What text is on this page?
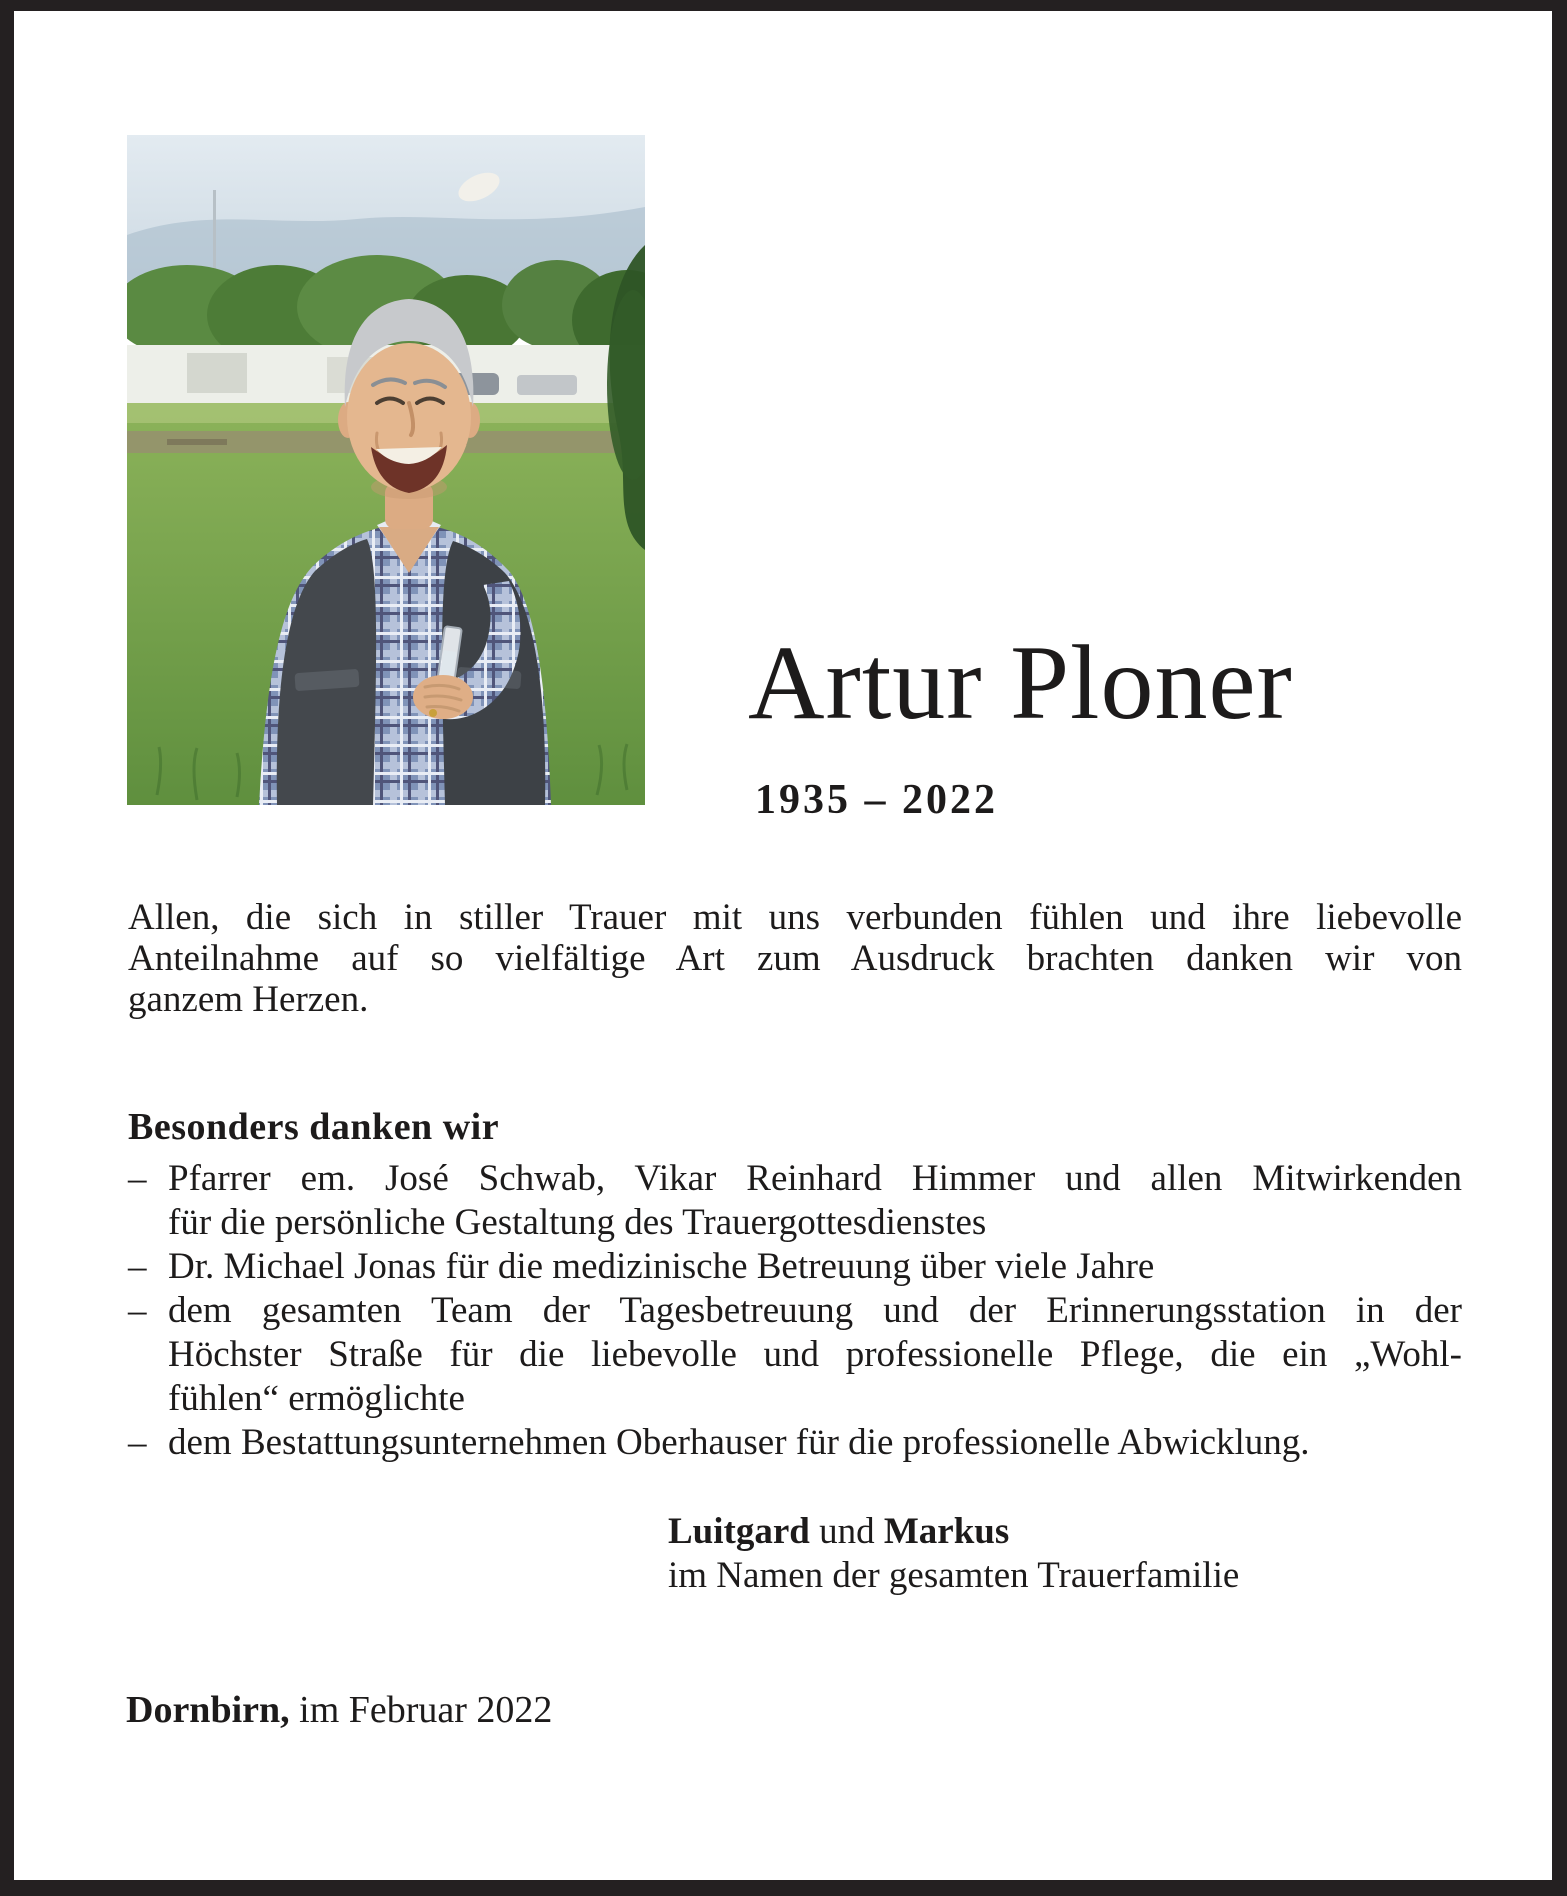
Artur Ploner
1935 – 2022
Allen, die sich in stiller Trauer mit uns verbunden fühlen und ihre liebevolle
Anteilnahme auf so vielfältige Art zum Ausdruck brachten danken wir von
ganzem Herzen.
Besonders danken wir
– Pfarrer em. José Schwab, Vikar Reinhard Himmer und allen Mitwirkenden
für die persönliche Gestaltung des Trauergottesdienstes
– Dr. Michael Jonas für die medizinische Betreuung über viele Jahre
– dem gesamten Team der Tagesbetreuung und der Erinnerungsstation in der
Höchster Straße für die liebevolle und professionelle Pflege, die ein „Wohl-
fühlen“ ermöglichte
– dem Bestattungsunternehmen Oberhauser für die professionelle Abwicklung.
Luitgard und Markus
im Namen der gesamten Trauerfamilie
Dornbirn, im Februar 2022
